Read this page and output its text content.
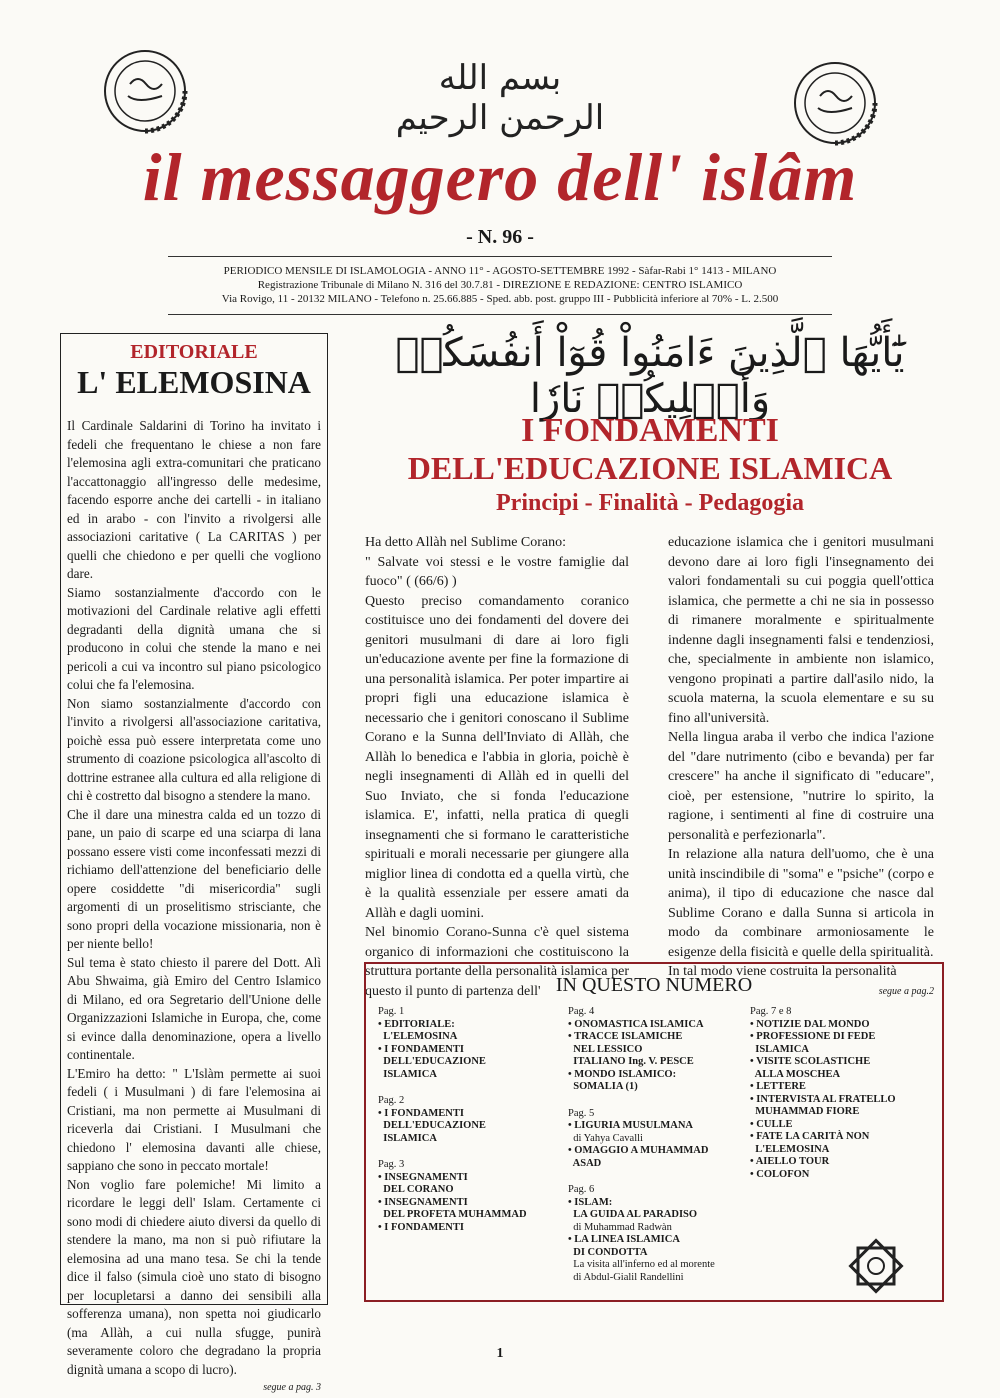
بسم الله الرحمن الرحيم
il messaggero dell' islâm
- N. 96 -
PERIODICO MENSILE DI ISLAMOLOGIA - ANNO 11° - AGOSTO-SETTEMBRE 1992 - Sàfar-Rabi 1° 1413 - MILANO
Registrazione Tribunale di Milano N. 316 del 30.7.81 - DIREZIONE E REDAZIONE: CENTRO ISLAMICO
Via Rovigo, 11 - 20132 MILANO - Telefono n. 25.66.885 - Sped. abb. post. gruppo III - Pubblicità inferiore al 70% - L. 2.500
EDITORIALE
L' ELEMOSINA

Il Cardinale Saldarini di Torino ha invitato i fedeli che frequentano le chiese a non fare l'elemosina agli extra-comunitari che praticano l'accattonaggio all'ingresso delle medesime, facendo esporre anche dei cartelli - in italiano ed in arabo - con l'invito a rivolgersi alle associazioni caritative ( La CARITAS ) per quelli che chiedono e per quelli che vogliono dare.

Siamo sostanzialmente d'accordo con le motivazioni del Cardinale relative agli effetti degradanti della dignità umana che si producono in colui che stende la mano e nei pericoli a cui va incontro sul piano psicologico colui che fa l'elemosina.

Non siamo sostanzialmente d'accordo con l'invito a rivolgersi all'associazione caritativa, poichè essa può essere interpretata come uno strumento di coazione psicologica all'ascolto di dottrine estranee alla cultura ed alla religione di chi è costretto dal bisogno a stendere la mano.

Che il dare una minestra calda ed un tozzo di pane, un paio di scarpe ed una sciarpa di lana possano essere visti come inconfessati mezzi di richiamo dell'attenzione del beneficiario delle opere cosiddette "di misericordia" sugli argomenti di un proselitismo strisciante, che sono propri della vocazione missionaria, non è per niente bello!

Sul tema è stato chiesto il parere del Dott. Alì Abu Shwaima, già Emiro del Centro Islamico di Milano, ed ora Segretario dell'Unione delle Organizzazioni Islamiche in Europa, che, come si evince dalla denominazione, opera a livello continentale.

L'Emiro ha detto: " L'Islàm permette ai suoi fedeli ( i Musulmani ) di fare l'elemosina ai Cristiani, ma non permette ai Musulmani di riceverla dai Cristiani. I Musulmani che chiedono l' elemosina davanti alle chiese, sappiano che sono in peccato mortale!

Non voglio fare polemiche! Mi limito a ricordare le leggi dell' Islam. Certamente ci sono modi di chiedere aiuto diversi da quello di stendere la mano, ma non si può rifiutare la elemosina ad una mano tesa. Se chi la tende dice il falso (simula cioè uno stato di bisogno per locupletarsi a danno dei sensibili alla sofferenza umana), non spetta noi giudicarlo (ma Allàh, a cui nulla sfugge, punirà severamente coloro che degradano la propria dignità umana a scopo di lucro).

segue a pag. 3
يَٰٓأَيُّهَا ٱلَّذِينَ ءَامَنُواْ قُوٓاْ أَنفُسَكُمۡ وَأَهۡلِيكُمۡ نَارٗا
I FONDAMENTI
DELL'EDUCAZIONE ISLAMICA
Principi - Finalità - Pedagogia

Ha detto Allàh nel Sublime Corano:

" Salvate voi stessi e le vostre famiglie dal fuoco" ( (66/6) )

Questo preciso comandamento coranico costituisce uno dei fondamenti del dovere dei genitori musulmani di dare ai loro figli un'educazione avente per fine la formazione di una personalità islamica. Per poter impartire ai propri figli una educazione islamica è necessario che i genitori conoscano il Sublime Corano e la Sunna dell'Inviato di Allàh, che Allàh lo benedica e l'abbia in gloria, poichè è negli insegnamenti di Allàh ed in quelli del Suo Inviato, che si fonda l'educazione islamica. E', infatti, nella pratica di quegli insegnamenti che si formano le caratteristiche spirituali e morali necessarie per giungere alla miglior linea di condotta ed a quella virtù, che è la qualità essenziale per essere amati da Allàh e dagli uomini.

Nel binomio Corano-Sunna c'è quel sistema organico di informazioni che costituiscono la struttura portante della personalità islamica per questo il punto di partenza dell'

educazione islamica che i genitori musulmani devono dare ai loro figli l'insegnamento dei valori fondamentali su cui poggia quell'ottica islamica, che permette a chi ne sia in possesso di rimanere moralmente e spiritualmente indenne dagli insegnamenti falsi e tendenziosi, che, specialmente in ambiente non islamico, vengono propinati a partire dall'asilo nido, la scuola materna, la scuola elementare e su su fino all'università.

Nella lingua araba il verbo che indica l'azione del "dare nutrimento (cibo e bevanda) per far crescere" ha anche il significato di "educare", cioè, per estensione, "nutrire lo spirito, la ragione, i sentimenti al fine di costruire una personalità e perfezionarla".

In relazione alla natura dell'uomo, che è una unità inscindibile di "soma" e "psiche" (corpo e anima), il tipo di educazione che nasce dal Sublime Corano e dalla Sunna si articola in modo da combinare armoniosamente le esigenze della fisicità e quelle della spiritualità.

In tal modo viene costruita la personalità

segue a pag.2
IN QUESTO NUMERO
Pag. 1
• EDITORIALE:
L'ELEMOSINA
• I FONDAMENTI
DELL'EDUCAZIONE
ISLAMICA
Pag. 2
• I FONDAMENTI
DELL'EDUCAZIONE
ISLAMICA
Pag. 3
• INSEGNAMENTI
DEL CORANO
• INSEGNAMENTI
DEL PROFETA MUHAMMAD
• I FONDAMENTI
Pag. 4
• ONOMASTICA ISLAMICA
• TRACCE ISLAMICHE
NEL LESSICO
ITALIANO Ing. V. PESCE
• MONDO ISLAMICO:
SOMALIA (1)
Pag. 5
• LIGURIA MUSULMANA
di Yahya Cavalli
• OMAGGIO A MUHAMMAD
ASAD
Pag. 6
• ISLAM:
LA GUIDA AL PARADISO
di Muhammad Radwàn
• LA LINEA ISLAMICA
DI CONDOTTA
La visita all'inferno ed al morente
di Abdul-Gialil Randellini
Pag. 7 e 8
• NOTIZIE DAL MONDO
• PROFESSIONE DI FEDE
ISLAMICA
• VISITE SCOLASTICHE
ALLA MOSCHEA
• LETTERE
• INTERVISTA AL FRATELLO
MUHAMMAD FIORE
• CULLE
• FATE LA CARITÀ NON
L'ELEMOSINA
• AIELLO TOUR
• COLOFON
1
